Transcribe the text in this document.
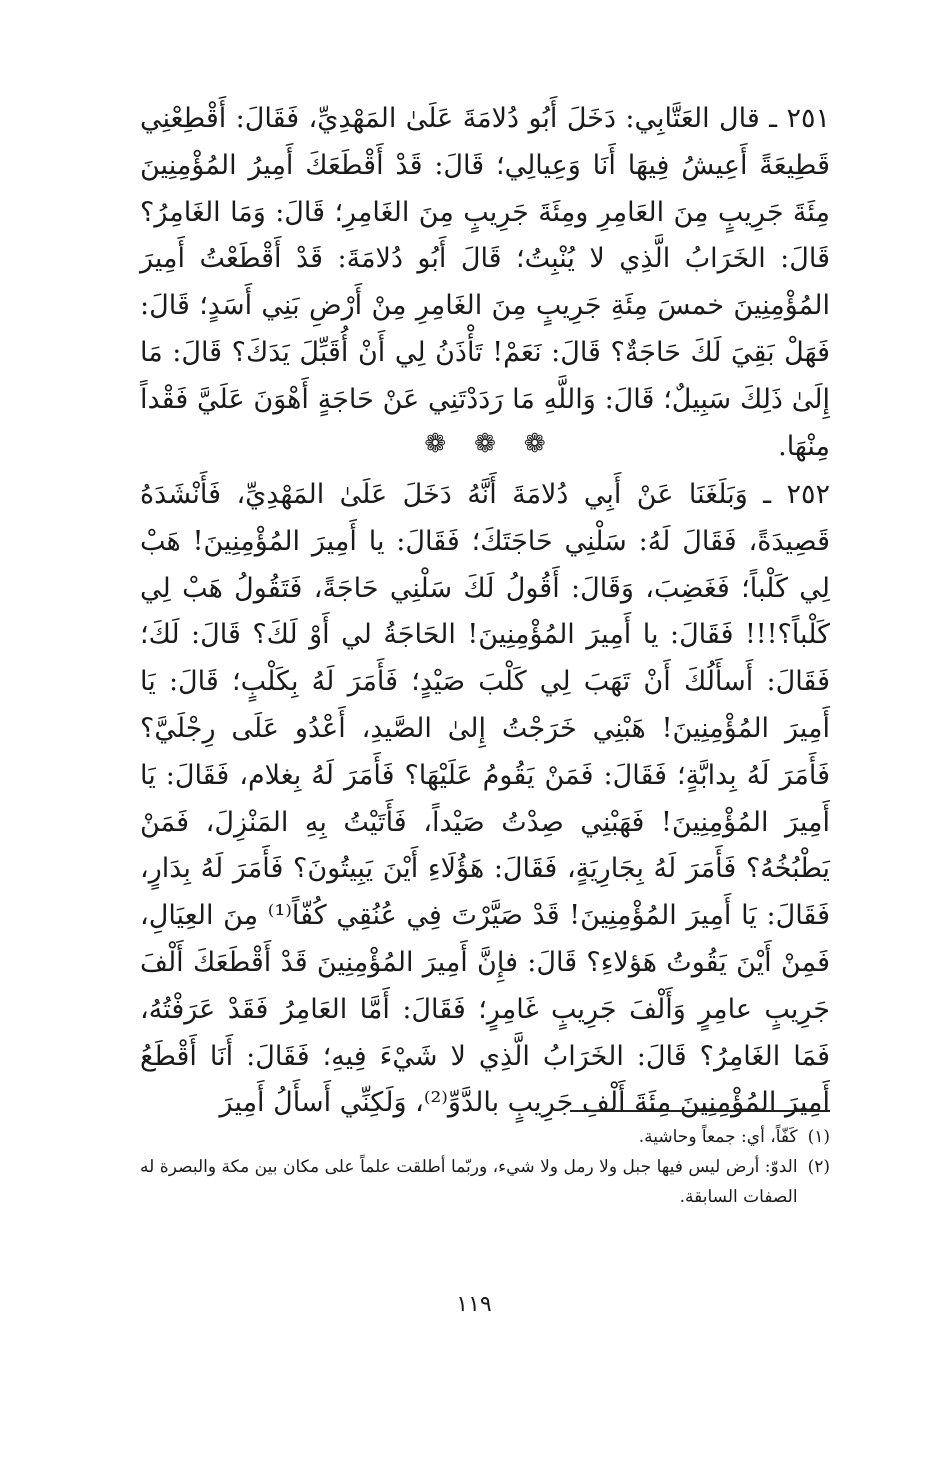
٢٥١ ـ قال العَتَّابِي: دَخَلَ أَبُو دُلامَةَ عَلَىٰ المَهْدِيِّ، فَقَالَ: أَقْطِعْنِي قَطِيعَةً أَعِيشُ فِيهَا أَنَا وَعِيالِي؛ قَالَ: قَدْ أَقْطَعَكَ أَمِيرُ المُؤْمِنِينَ مِئَةَ جَرِيبٍ مِنَ العَامِرِ ومِئَةَ جَرِيبٍ مِنَ الغَامِرِ؛ قَالَ: وَمَا الغَامِرُ؟ قَالَ: الخَرَابُ الَّذِي لا يُنْبِتُ؛ قَالَ أَبُو دُلامَةَ: قَدْ أَقْطَعْتُ أَمِيرَ المُؤْمِنِينَ خمسَ مِئَةِ جَرِيبٍ مِنَ الغَامِرِ مِنْ أَرْضِ بَنِي أَسَدٍ؛ قَالَ: فَهَلْ بَقِيَ لَكَ حَاجَةٌ؟ قَالَ: نَعَمْ! تَأْذَنُ لِي أَنْ أُقَبِّلَ يَدَكَ؟ قَالَ: مَا إِلَىٰ ذَلِكَ سَبِيلٌ؛ قَالَ: وَاللَّهِ مَا رَدَدْتَنِي عَنْ حَاجَةٍ أَهْوَنَ عَلَيَّ فَقْداً مِنْهَا.

❁
❁
❁

٢٥٢ ـ وَبَلَغَنَا عَنْ أَبِي دُلامَةَ أَنَّهُ دَخَلَ عَلَىٰ المَهْدِيِّ، فَأَنْشَدَهُ قَصِيدَةً، فَقَالَ لَهُ: سَلْنِي حَاجَتَكَ؛ فَقَالَ: يا أَمِيرَ المُؤْمِنِينَ! هَبْ لِي كَلْباً؛ فَغَضِبَ، وَقَالَ: أَقُولُ لَكَ سَلْنِي حَاجَةً، فَتَقُولُ هَبْ لِي كَلْباً؟!!! فَقَالَ: يا أَمِيرَ المُؤْمِنِينَ! الحَاجَةُ لي أَوْ لَكَ؟ قَالَ: لَكَ؛ فَقَالَ: أَسأَلُكَ أَنْ تَهَبَ لِي كَلْبَ صَيْدٍ؛ فَأَمَرَ لَهُ بِكَلْبٍ؛ قَالَ: يَا أَمِيرَ المُؤْمِنِينَ! هَبْنِي خَرَجْتُ إِلىٰ الصَّيدِ، أَعْدُو عَلَى رِجْلَيَّ؟ فَأَمَرَ لَهُ بِدابَّةٍ؛ فَقَالَ: فَمَنْ يَقُومُ عَلَيْهَا؟ فَأَمَرَ لَهُ بِغلام، فَقَالَ: يَا أَمِيرَ المُؤْمِنِينَ! فَهَبْنِي صِدْتُ صَيْداً، فَأَتَيْتُ بِهِ المَنْزِلَ، فَمَنْ يَطْبُخُهُ؟ فَأَمَرَ لَهُ بِجَارِيَةٍ، فَقَالَ: هَؤُلَاءِ أَيْنَ يَبِيتُونَ؟ فَأَمَرَ لَهُ بِدَارٍ، فَقَالَ: يَا أَمِيرَ المُؤْمِنِينَ! قَدْ صَيَّرْتَ فِي عُنُقِي كُفّاً⁽¹⁾ مِنَ العِيَالِ، فَمِنْ أَيْنَ يَقُوتُ هَؤلاءِ؟ قَالَ: فإِنَّ أَمِيرَ المُؤْمِنِينَ قَدْ أَقْطَعَكَ أَلْفَ جَرِيبٍ عامِرٍ وَأَلْفَ جَرِيبٍ غَامِرٍ؛ فَقَالَ: أَمَّا العَامِرُ فَقَدْ عَرَفْتُهُ، فَمَا الغَامِرُ؟ قَالَ: الخَرَابُ الَّذِي لا شَيْءَ فِيهِ؛ فَقَالَ: أَنَا أَقْطَعُ أَمِيرَ المُؤْمِنِينَ مِئَةَ أَلْفِ جَرِيبٍ بالدَّوِّ⁽²⁾، وَلَكِنِّي أَسأَلُ أَمِيرَ

(١)
كَفّاً، أي: جمعاً وحاشية.

(٢)
الدوّ: أرض ليس فيها جبل ولا رمل ولا شيء، وربّما أطلقت علماً على مكان بين مكة والبصرة له الصفات السابقة.

١١٩
